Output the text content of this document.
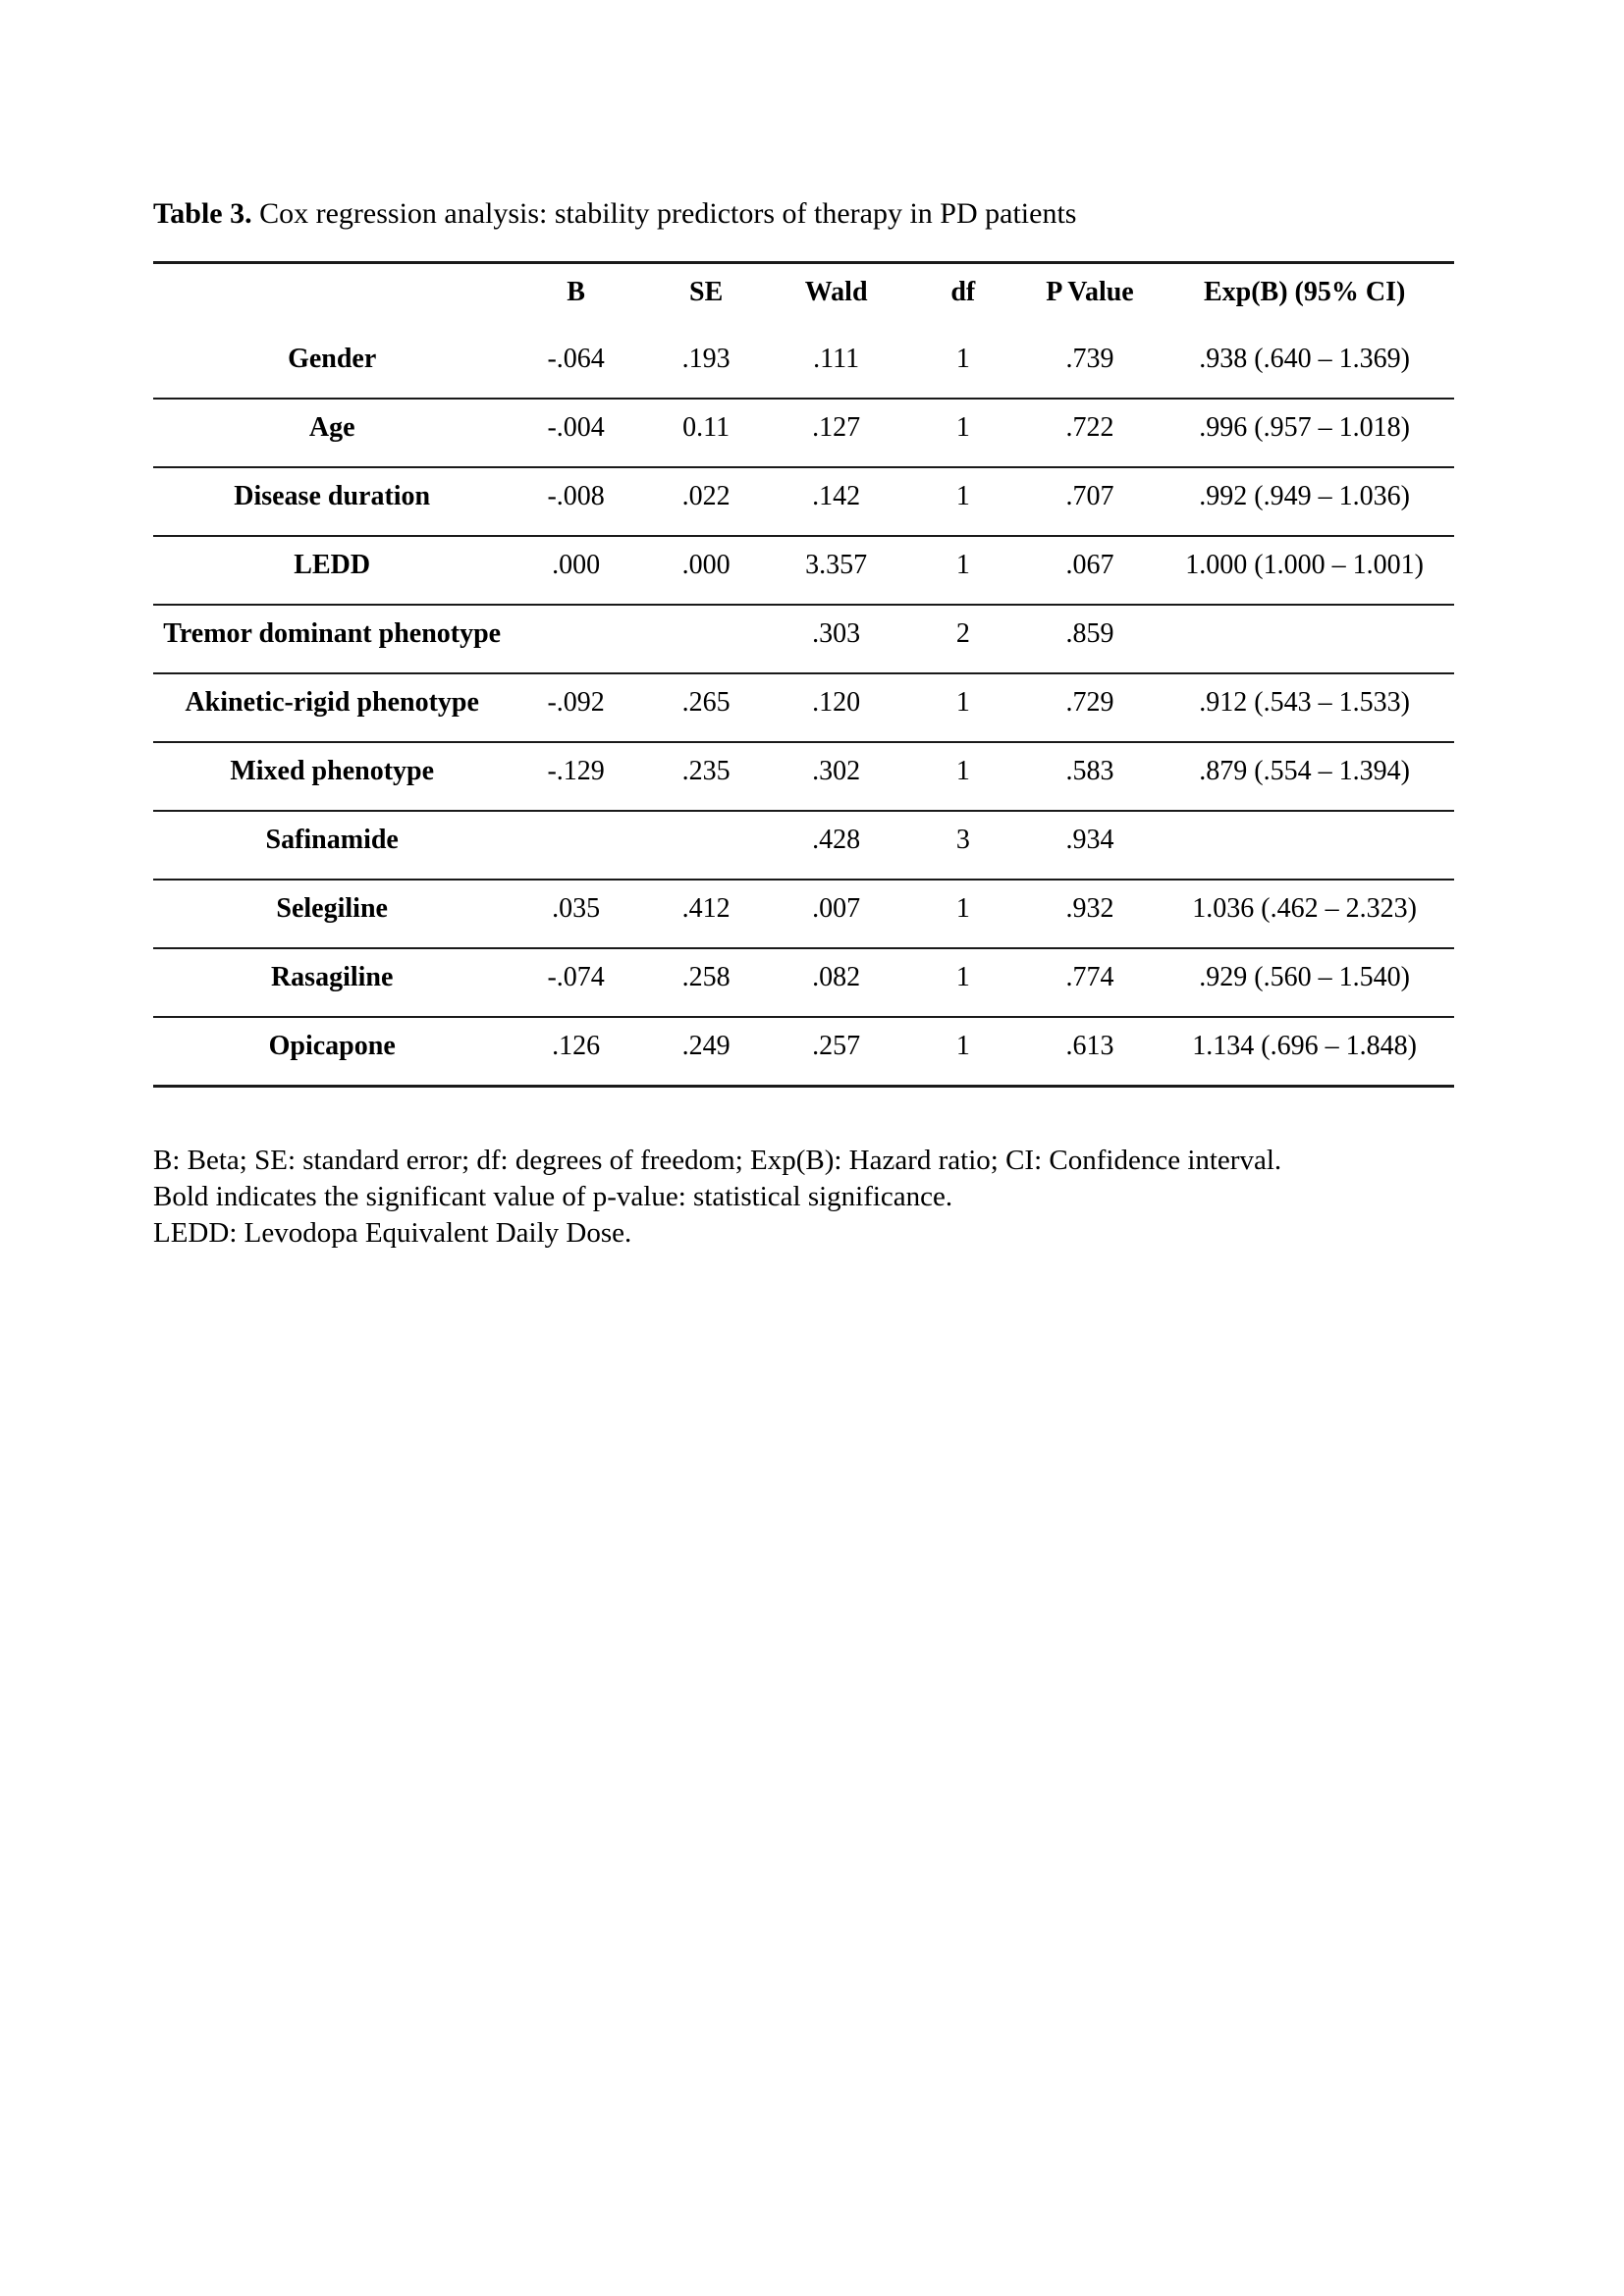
Table 3. Cox regression analysis: stability predictors of therapy in PD patients

	B	SE	Wald	df	P Value	Exp(B) (95% CI)
Gender	-.064	.193	.111	1	.739	.938 (.640 – 1.369)
Age	-.004	0.11	.127	1	.722	.996 (.957 – 1.018)
Disease duration	-.008	.022	.142	1	.707	.992 (.949 – 1.036)
LEDD	.000	.000	3.357	1	.067	1.000 (1.000 – 1.001)
Tremor dominant phenotype			.303	2	.859	
Akinetic-rigid phenotype	-.092	.265	.120	1	.729	.912 (.543 – 1.533)
Mixed phenotype	-.129	.235	.302	1	.583	.879 (.554 – 1.394)
Safinamide			.428	3	.934	
Selegiline	.035	.412	.007	1	.932	1.036 (.462 – 2.323)
Rasagiline	-.074	.258	.082	1	.774	.929 (.560 – 1.540)
Opicapone	.126	.249	.257	1	.613	1.134 (.696 – 1.848)

B: Beta; SE: standard error; df: degrees of freedom; Exp(B): Hazard ratio; CI: Confidence interval.

Bold indicates the significant value of p-value: statistical significance.

LEDD: Levodopa Equivalent Daily Dose.
